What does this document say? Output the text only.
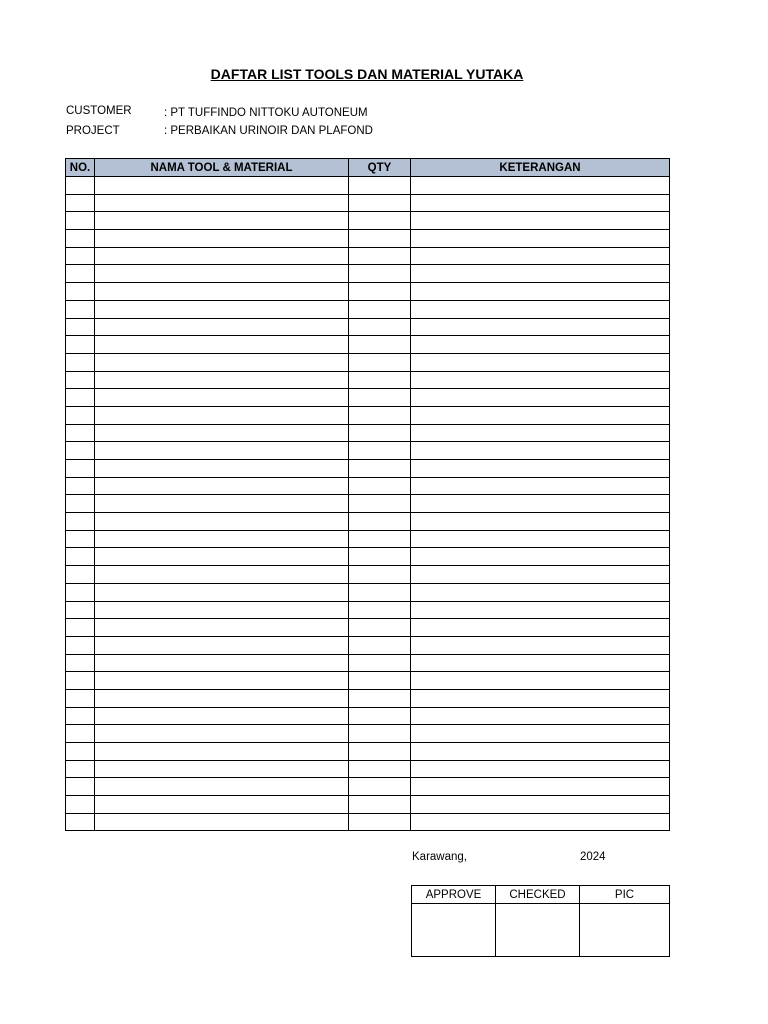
DAFTAR LIST TOOLS DAN MATERIAL YUTAKA
CUSTOMER	: PT TUFFINDO NITTOKU AUTONEUM
PROJECT	: PERBAIKAN URINOIR DAN PLAFOND
NO.	NAMA TOOL & MATERIAL	QTY	KETERANGAN

Karawang,	2024
APPROVE	CHECKED	PIC
